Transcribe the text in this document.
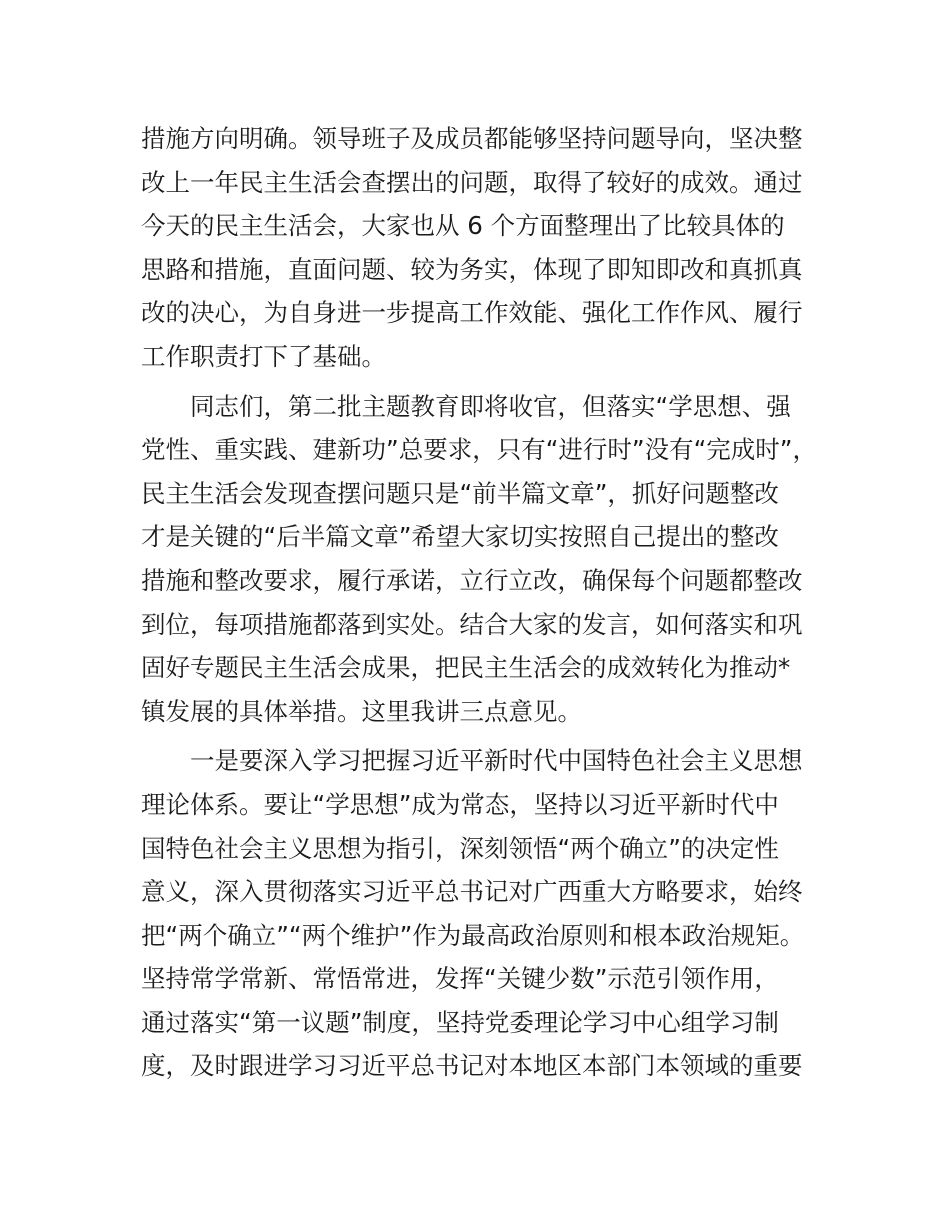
措施方向明确。领导班子及成员都能够坚持问题导向，坚决整
改上一年民主生活会查摆出的问题，取得了较好的成效。通过
今天的民主生活会，大家也从 6 个方面整理出了比较具体的
思路和措施，直面问题、较为务实，体现了即知即改和真抓真
改的决心，为自身进一步提高工作效能、强化工作作风、履行
工作职责打下了基础。
同志们，第二批主题教育即将收官，但落实“学思想、强
党性、重实践、建新功”总要求，只有“进行时”没有“完成时”，
民主生活会发现查摆问题只是“前半篇文章”，抓好问题整改
才是关键的“后半篇文章”希望大家切实按照自己提出的整改
措施和整改要求，履行承诺，立行立改，确保每个问题都整改
到位，每项措施都落到实处。结合大家的发言，如何落实和巩
固好专题民主生活会成果，把民主生活会的成效转化为推动*
镇发展的具体举措。这里我讲三点意见。
一是要深入学习把握习近平新时代中国特色社会主义思想
理论体系。要让“学思想”成为常态，坚持以习近平新时代中
国特色社会主义思想为指引，深刻领悟“两个确立”的决定性
意义，深入贯彻落实习近平总书记对广西重大方略要求，始终
把“两个确立”“两个维护”作为最高政治原则和根本政治规矩。
坚持常学常新、常悟常进，发挥“关键少数”示范引领作用，
通过落实“第一议题”制度，坚持党委理论学习中心组学习制
度，及时跟进学习习近平总书记对本地区本部门本领域的重要
